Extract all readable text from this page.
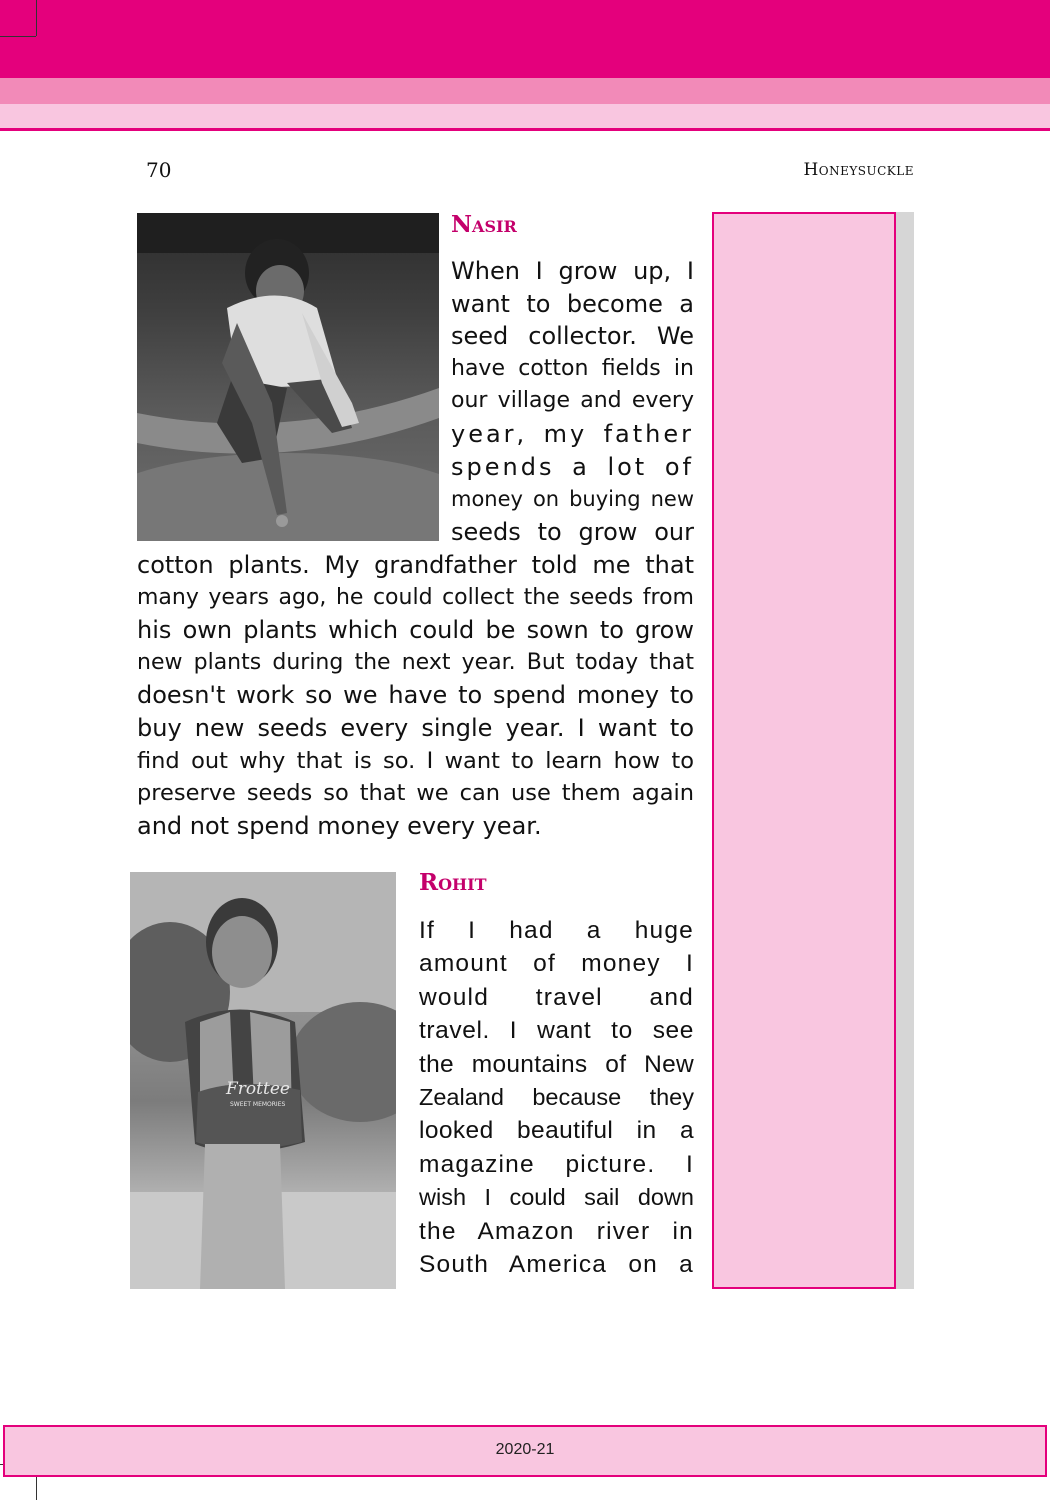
70	Honeysuckle
Nasir
When I grow up, I
want to become a
seed collector. We
have cotton fields in
our village and every
year, my father
spends a lot of
money on buying new
seeds to grow our
cotton plants. My grandfather told me that
many years ago, he could collect the seeds from
his own plants which could be sown to grow
new plants during the next year. But today that
doesn't work so we have to spend money to
buy new seeds every single year. I want to
find out why that is so. I want to learn how to
preserve seeds so that we can use them again
and not spend money every year.
Frottee
SWEET MEMORIES
Rohit
If I had a huge
amount of money I
would travel and
travel. I want to see
the mountains of New
Zealand because they
looked beautiful in a
magazine picture. I
wish I could sail down
the Amazon river in
South America on a
2020-21
